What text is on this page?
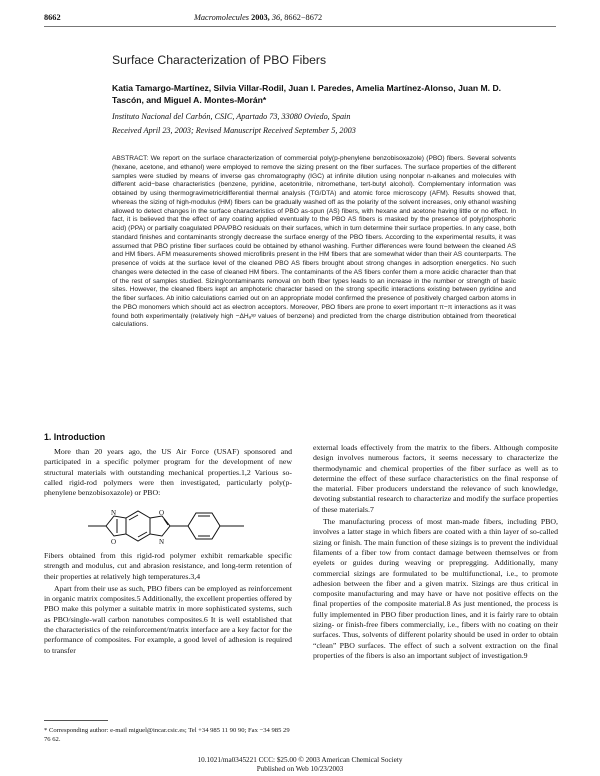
8662	Macromolecules 2003, 36, 8662−8672
Surface Characterization of PBO Fibers
Katia Tamargo-Martínez, Silvia Villar-Rodil, Juan I. Paredes, Amelia Martínez-Alonso, Juan M. D. Tascón, and Miguel A. Montes-Morán*
Instituto Nacional del Carbón, CSIC, Apartado 73, 33080 Oviedo, Spain
Received April 23, 2003; Revised Manuscript Received September 5, 2003
ABSTRACT: We report on the surface characterization of commercial poly(p-phenylene benzobisoxazole) (PBO) fibers. Several solvents (hexane, acetone, and ethanol) were employed to remove the sizing present on the fiber surfaces. The surface properties of the different samples were studied by means of inverse gas chromatography (IGC) at infinite dilution using nonpolar n-alkanes and molecules with different acid−base characteristics (benzene, pyridine, acetonitrile, nitromethane, tert-butyl alcohol). Complementary information was obtained by using thermogravimetric/differential thermal analysis (TG/DTA) and atomic force microscopy (AFM). Results showed that, whereas the sizing of high-modulus (HM) fibers can be gradually washed off as the polarity of the solvent increases, only ethanol washing allowed to detect changes in the surface characteristics of PBO as-spun (AS) fibers, with hexane and acetone having little or no effect. In fact, it is believed that the effect of any coating applied eventually to the PBO AS fibers is masked by the presence of poly(phosphoric acid) (PPA) or partially coagulated PPA/PBO residuals on their surfaces, which in turn determine their surface properties. In any case, both standard finishes and contaminants strongly decrease the surface energy of the PBO fibers. According to the experimental results, it was assumed that PBO pristine fiber surfaces could be obtained by ethanol washing. Further differences were found between the cleaned AS and HM fibers. AFM measurements showed microfibrils present in the HM fibers that are somewhat wider than their AS counterparts. The presence of voids at the surface level of the cleaned PBO AS fibers brought about strong changes in adsorption energetics. No such changes were detected in the case of cleaned HM fibers. The contaminants of the AS fibers confer them a more acidic character than that of the rest of samples studied. Sizing/contaminants removal on both fiber types leads to an increase in the number or strength of basic sites. However, the cleaned fibers kept an amphoteric character based on the strong specific interactions existing between pyridine and the fiber surfaces. Ab initio calculations carried out on an appropriate model confirmed the presence of positively charged carbon atoms in the PBO monomers which should act as electron acceptors. Moreover, PBO fibers are prone to exert important π−π interactions as it was found both experimentally (relatively high −ΔHₐˢᵖ values of benzene) and predicted from the charge distribution obtained from theoretical calculations.
1. Introduction

More than 20 years ago, the US Air Force (USAF) sponsored and participated in a specific polymer program for the development of new structural materials with outstanding mechanical properties.1,2 Various so-called rigid-rod polymers were then investigated, particularly poly(p-phenylene benzobisoxazole) or PBO:

N
O
O
N

Fibers obtained from this rigid-rod polymer exhibit remarkable specific strength and modulus, cut and abrasion resistance, and long-term retention of their properties at relatively high temperatures.3,4

Apart from their use as such, PBO fibers can be employed as reinforcement in organic matrix composites.5 Additionally, the excellent properties offered by PBO make this polymer a suitable matrix in more sophisticated systems, such as PBO/single-wall carbon nanotubes composites.6 It is well established that the characteristics of the reinforcement/matrix interface are a key factor for the performance of composites. For example, a good level of adhesion is required to transfer

* Corresponding author: e-mail miguel@incar.csic.es; Tel +34 985 11 90 90; Fax −34 985 29 76 62.

external loads effectively from the matrix to the fibers. Although composite design involves numerous factors, it seems necessary to characterize the thermodynamic and chemical properties of the fiber surface as well as to determine the effect of these surface characteristics on the final response of the material. Fiber producers understand the relevance of such knowledge, devoting substantial research to characterize and modify the surface properties of these materials.7

The manufacturing process of most man-made fibers, including PBO, involves a latter stage in which fibers are coated with a thin layer of so-called sizing or finish. The main function of these sizings is to prevent the individual filaments of a fiber tow from contact damage between themselves or from eyelets or guides during weaving or prepregging. Additionally, many commercial sizings are formulated to be multifunctional, i.e., to promote adhesion between the fiber and a given matrix. Sizings are thus critical in composite manufacturing and may have or have not positive effects on the final properties of the composite material.8 As just mentioned, the process is fully implemented in PBO fiber production lines, and it is fairly rare to obtain sizing- or finish-free fibers commercially, i.e., fibers with no coating on their surfaces. Thus, solvents of different polarity should be used in order to obtain “clean” PBO surfaces. The effect of such a solvent extraction on the final properties of the fibers is also an important subject of investigation.9

10.1021/ma0345221 CCC: $25.00 © 2003 American Chemical Society
Published on Web 10/23/2003
